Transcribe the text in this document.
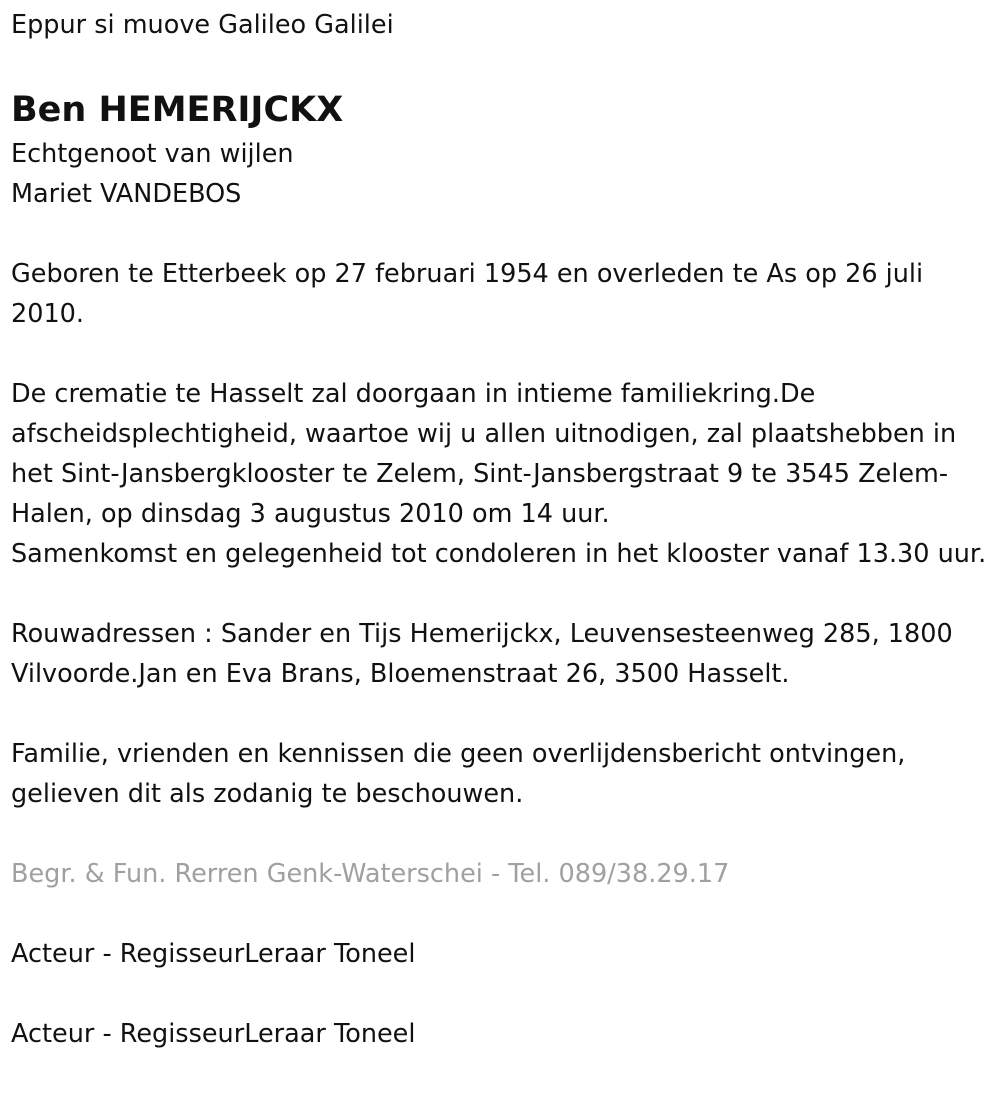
Eppur si muove Galileo Galilei

Ben HEMERIJCKX

Echtgenoot van wijlen

Mariet VANDEBOS

Geboren te Etterbeek op 27 februari 1954 en overleden te As op 26 juli 2010.

De crematie te Hasselt zal doorgaan in intieme familiekring.De afscheidsplechtigheid, waartoe wij u allen uitnodigen, zal plaatshebben in het Sint-Jansbergklooster te Zelem, Sint-Jansbergstraat 9 te 3545 Zelem-Halen, op dinsdag 3 augustus 2010 om 14 uur.

Samenkomst en gelegenheid tot condoleren in het klooster vanaf 13.30 uur.

Rouwadressen : Sander en Tijs Hemerijckx, Leuvensesteenweg 285, 1800 Vilvoorde.Jan en Eva Brans, Bloemenstraat 26, 3500 Hasselt.

Familie, vrienden en kennissen die geen overlijdensbericht ontvingen, gelieven dit als zodanig te beschouwen.

Begr. & Fun. Rerren Genk-Waterschei - Tel. 089/38.29.17

Acteur - RegisseurLeraar Toneel

Acteur - RegisseurLeraar Toneel
